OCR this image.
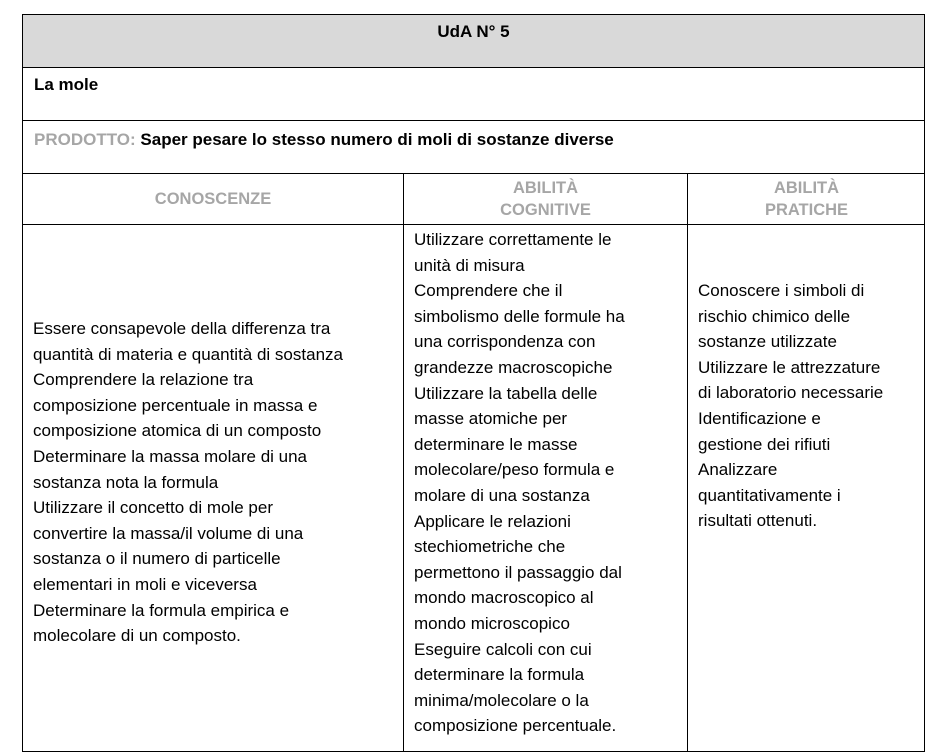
UdA N° 5
La mole
PRODOTTO: Saper pesare lo stesso numero di moli di sostanze diverse
CONOSCENZE
ABILITÀ
COGNITIVE
ABILITÀ
PRATICHE
Essere consapevole della differenza tra
quantità di materia e quantità di sostanza
Comprendere la relazione tra
composizione percentuale in massa e
composizione atomica di un composto
Determinare la massa molare di una
sostanza nota la formula
Utilizzare il concetto di mole per
convertire la massa/il volume di una
sostanza o il numero di particelle
elementari in moli e viceversa
Determinare la formula empirica e
molecolare di un composto.
Utilizzare correttamente le
unità di misura
Comprendere che il
simbolismo delle formule ha
una corrispondenza con
grandezze macroscopiche
Utilizzare la tabella delle
masse atomiche per
determinare le masse
molecolare/peso formula e
molare di una sostanza
Applicare le relazioni
stechiometriche che
permettono il passaggio dal
mondo macroscopico al
mondo microscopico
Eseguire calcoli con cui
determinare la formula
minima/molecolare o la
composizione percentuale.
Conoscere i simboli di
rischio chimico delle
sostanze utilizzate
Utilizzare le attrezzature
di laboratorio necessarie
Identificazione e
gestione dei rifiuti
Analizzare
quantitativamente i
risultati ottenuti.
